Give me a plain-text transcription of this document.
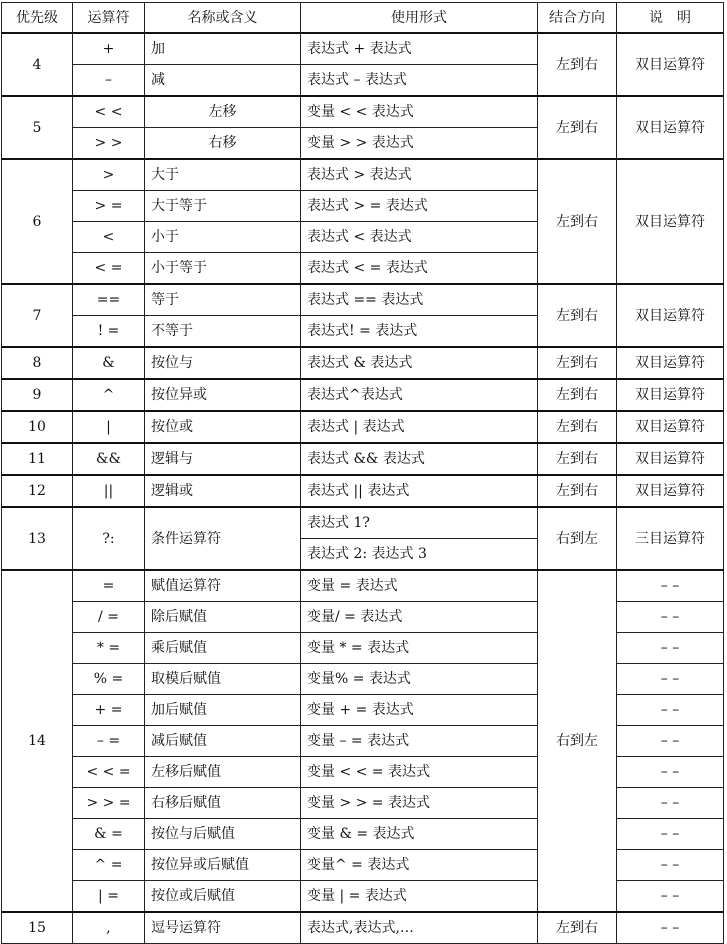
优先级	运算符	名称或含义	使用形式	结合方向	说　明
4	+	加	表达式 + 表达式	左到右	双目运算符
	–	减	表达式 – 表达式		
5	< <	左移	变量 < < 表达式	左到右	双目运算符
	> >	右移	变量 > > 表达式		
6	>	大于	表达式 > 表达式	左到右	双目运算符
	> =	大于等于	表达式 > = 表达式		
	<	小于	表达式 < 表达式		
	< =	小于等于	表达式 < = 表达式		
7	==	等于	表达式 == 表达式	左到右	双目运算符
	! =	不等于	表达式! = 表达式		
8	&	按位与	表达式 & 表达式	左到右	双目运算符
9	^	按位异或	表达式^表达式	左到右	双目运算符
10	|	按位或	表达式 | 表达式	左到右	双目运算符
11	&&	逻辑与	表达式 && 表达式	左到右	双目运算符
12	||	逻辑或	表达式 || 表达式	左到右	双目运算符
13	?:	条件运算符	表达式 1?	右到左	三目运算符
			表达式 2: 表达式 3		
14	=	赋值运算符	变量 = 表达式	右到左	– –
	/ =	除后赋值	变量/ = 表达式		– –
	* =	乘后赋值	变量 * = 表达式		– –
	% =	取模后赋值	变量% = 表达式		– –
	+ =	加后赋值	变量 + = 表达式		– –
	– =	减后赋值	变量 – = 表达式		– –
	< < =	左移后赋值	变量 < < = 表达式		– –
	> > =	右移后赋值	变量 > > = 表达式		– –
	& =	按位与后赋值	变量 & = 表达式		– –
	^ =	按位异或后赋值	变量^ = 表达式		– –
	| =	按位或后赋值	变量 | = 表达式		– –
15	,	逗号运算符	表达式,表达式,…	左到右	– –
